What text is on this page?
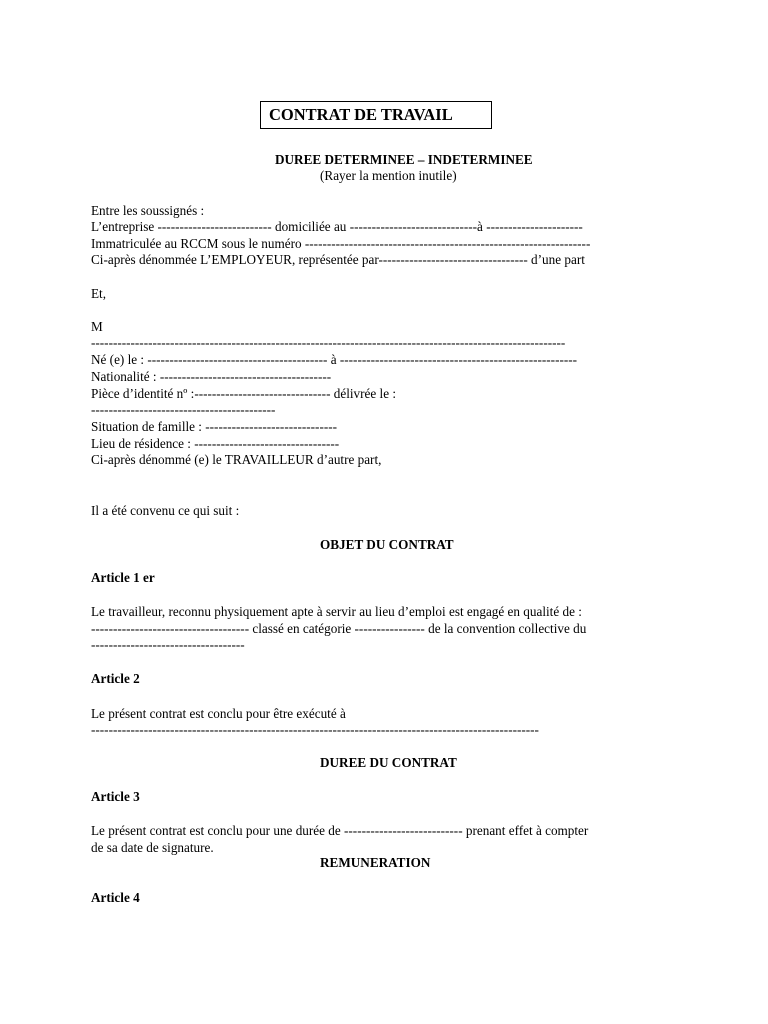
CONTRAT DE TRAVAIL
DUREE DETERMINEE – INDETERMINEE
(Rayer la mention inutile)
Entre les soussignés :
L’entreprise -------------------------- domiciliée au -----------------------------à ----------------------
Immatriculée au RCCM sous le numéro -----------------------------------------------------------------
Ci-après dénommée L’EMPLOYEUR, représentée par---------------------------------- d’une part
Et,
M
------------------------------------------------------------------------------------------------------------
Né (e) le : ----------------------------------------- à ------------------------------------------------------
Nationalité : ---------------------------------------
Pièce d’identité nº :------------------------------- délivrée le :
------------------------------------------
Situation de famille : ------------------------------
Lieu de résidence : ---------------------------------
Ci-après dénommé (e) le TRAVAILLEUR d’autre part,
Il a été convenu ce qui suit :
OBJET DU CONTRAT
Article 1 er
Le travailleur, reconnu physiquement apte à servir au lieu d’emploi est engagé en qualité de :
------------------------------------ classé en catégorie ---------------- de la convention collective du
-----------------------------------
Article 2
Le présent contrat est conclu pour être exécuté à
------------------------------------------------------------------------------------------------------
DUREE DU CONTRAT
Article 3
Le présent contrat est conclu pour une durée de --------------------------- prenant effet à compter
de sa date de signature.
REMUNERATION
Article 4
